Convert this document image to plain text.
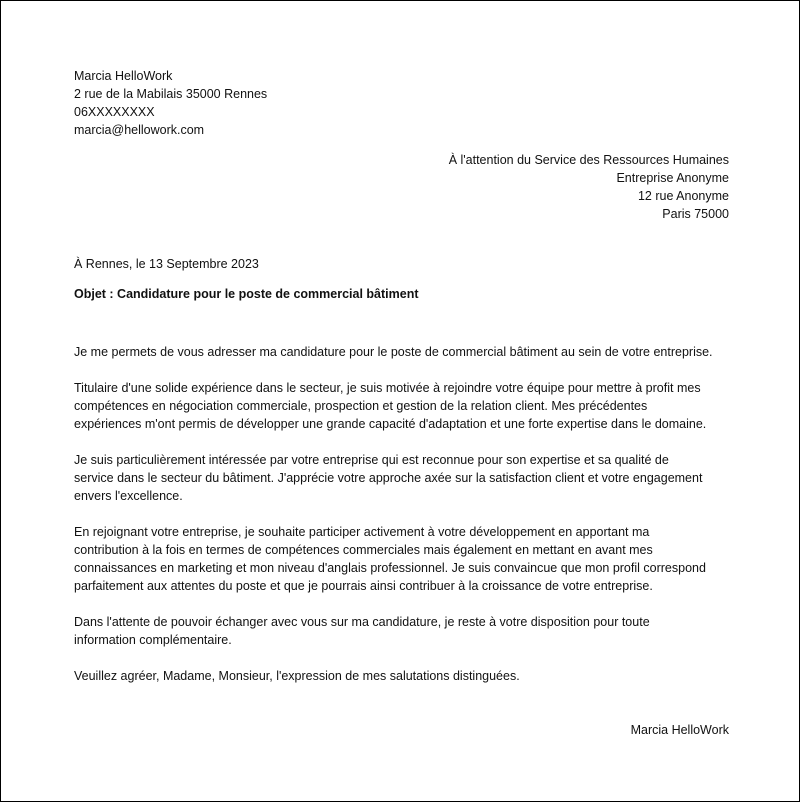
Marcia HelloWork
2 rue de la Mabilais 35000 Rennes
06XXXXXXXX
marcia@hellowork.com
À l'attention du Service des Ressources Humaines
Entreprise Anonyme
12 rue Anonyme
Paris 75000
À Rennes, le 13 Septembre 2023
Objet : Candidature pour le poste de commercial bâtiment
Je me permets de vous adresser ma candidature pour le poste de commercial bâtiment au sein de votre entreprise.
Titulaire d'une solide expérience dans le secteur, je suis motivée à rejoindre votre équipe pour mettre à profit mes
compétences en négociation commerciale, prospection et gestion de la relation client. Mes précédentes
expériences m'ont permis de développer une grande capacité d'adaptation et une forte expertise dans le domaine.
Je suis particulièrement intéressée par votre entreprise qui est reconnue pour son expertise et sa qualité de
service dans le secteur du bâtiment. J'apprécie votre approche axée sur la satisfaction client et votre engagement
envers l'excellence.
En rejoignant votre entreprise, je souhaite participer activement à votre développement en apportant ma
contribution à la fois en termes de compétences commerciales mais également en mettant en avant mes
connaissances en marketing et mon niveau d'anglais professionnel. Je suis convaincue que mon profil correspond
parfaitement aux attentes du poste et que je pourrais ainsi contribuer à la croissance de votre entreprise.
Dans l'attente de pouvoir échanger avec vous sur ma candidature, je reste à votre disposition pour toute
information complémentaire.
Veuillez agréer, Madame, Monsieur, l'expression de mes salutations distinguées.
Marcia HelloWork
